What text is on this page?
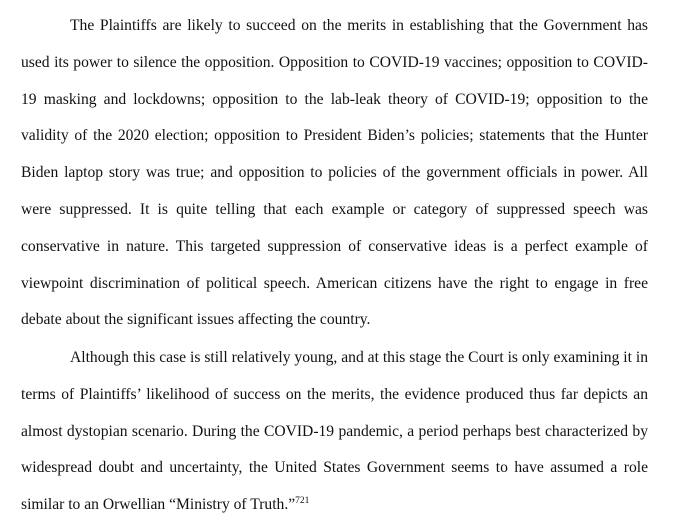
The Plaintiffs are likely to succeed on the merits in establishing that the Government has used its power to silence the opposition. Opposition to COVID-19 vaccines; opposition to COVID-19 masking and lockdowns; opposition to the lab-leak theory of COVID-19; opposition to the validity of the 2020 election; opposition to President Biden’s policies; statements that the Hunter Biden laptop story was true; and opposition to policies of the government officials in power. All were suppressed. It is quite telling that each example or category of suppressed speech was conservative in nature. This targeted suppression of conservative ideas is a perfect example of viewpoint discrimination of political speech. American citizens have the right to engage in free debate about the significant issues affecting the country.

Although this case is still relatively young, and at this stage the Court is only examining it in terms of Plaintiffs’ likelihood of success on the merits, the evidence produced thus far depicts an almost dystopian scenario. During the COVID-19 pandemic, a period perhaps best characterized by widespread doubt and uncertainty, the United States Government seems to have assumed a role similar to an Orwellian “Ministry of Truth.”$^{721}$
